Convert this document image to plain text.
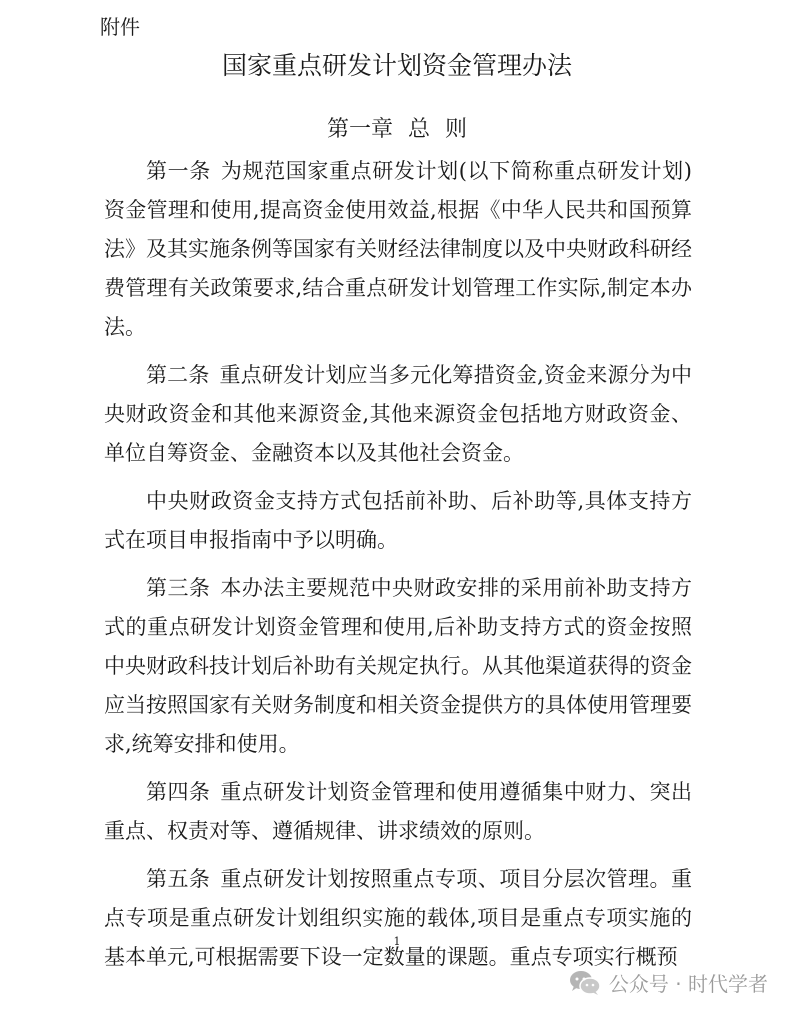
附件
国家重点研发计划资金管理办法
第一章 总 则

第一条 为规范国家重点研发计划(以下简称重点研发计划)资金管理和使用,提高资金使用效益,根据《中华人民共和国预算法》及其实施条例等国家有关财经法律制度以及中央财政科研经费管理有关政策要求,结合重点研发计划管理工作实际,制定本办法。

第二条 重点研发计划应当多元化筹措资金,资金来源分为中央财政资金和其他来源资金,其他来源资金包括地方财政资金、单位自筹资金、金融资本以及其他社会资金。

中央财政资金支持方式包括前补助、后补助等,具体支持方式在项目申报指南中予以明确。

第三条 本办法主要规范中央财政安排的采用前补助支持方式的重点研发计划资金管理和使用,后补助支持方式的资金按照中央财政科技计划后补助有关规定执行。从其他渠道获得的资金应当按照国家有关财务制度和相关资金提供方的具体使用管理要求,统筹安排和使用。

第四条 重点研发计划资金管理和使用遵循集中财力、突出重点、权责对等、遵循规律、讲求绩效的原则。

第五条 重点研发计划按照重点专项、项目分层次管理。重点专项是重点研发计划组织实施的载体,项目是重点专项实施的基本单元,可根据需要下设一定数量的课题。重点专项实行概预

1
公众号 · 时代学者
